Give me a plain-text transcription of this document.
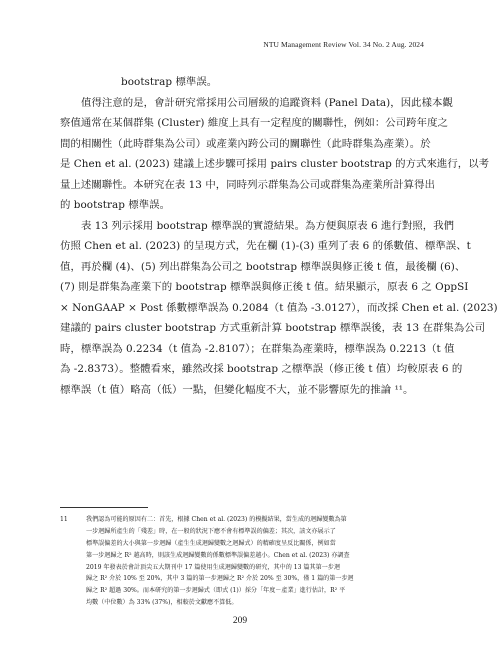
NTU Management Review Vol. 34 No. 2 Aug. 2024
bootstrap 標準誤。
值得注意的是，會計研究常採用公司層級的追蹤資料 (Panel Data)，因此樣本觀
察值通常在某個群集 (Cluster) 維度上具有一定程度的關聯性，例如：公司跨年度之
間的相關性（此時群集為公司）或產業內跨公司的關聯性（此時群集為產業）。於
是 Chen et al. (2023) 建議上述步驟可採用 pairs cluster bootstrap 的方式來進行，以考
量上述關聯性。本研究在表 13 中，同時列示群集為公司或群集為產業所計算得出
的 bootstrap 標準誤。
表 13 列示採用 bootstrap 標準誤的實證結果。為方便與原表 6 進行對照，我們
仿照 Chen et al. (2023) 的呈現方式，先在欄 (1)-(3) 重列了表 6 的係數值、標準誤、t
值，再於欄 (4)、(5) 列出群集為公司之 bootstrap 標準誤與修正後 t 值，最後欄 (6)、
(7) 則是群集為產業下的 bootstrap 標準誤與修正後 t 值。結果顯示，原表 6 之 OppSI
× NonGAAP × Post 係數標準誤為 0.2084（t 值為 -3.0127），而改採 Chen et al. (2023)
建議的 pairs cluster bootstrap 方式重新計算 bootstrap 標準誤後，表 13 在群集為公司
時，標準誤為 0.2234（t 值為 -2.8107）；在群集為產業時，標準誤為 0.2213（t 值
為 -2.8373）。整體看來，雖然改採 bootstrap 之標準誤（修正後 t 值）均較原表 6 的
標準誤（t 值）略高（低）一點，但變化幅度不大，並不影響原先的推論 ¹¹。
11	我們認為可能的原因有二：首先，根據 Chen et al. (2023) 的模擬結果，當生成的迴歸變數為第
一步迴歸所產生的「殘差」時，在一般的狀況下應不會有標準誤的偏差；其次，該文亦展示了
標準誤偏差的大小與第一步迴歸（產生生成迴歸變數之迴歸式）的精確度呈反比關係，例如當
第一步迴歸之 R² 越高時，則該生成迴歸變數的係數標準誤偏差越小。Chen et al. (2023) 亦調查
2019 年發表於會計頂尖五大期刊中 17 篇使用生成迴歸變數的研究，其中的 13 篇其第一步迴
歸之 R² 介於 10% 至 20%，其中 3 篇的第一步迴歸之 R² 介於 20% 至 30%，僅 1 篇的第一步迴
歸之 R² 超過 30%。而本研究的第一步迴歸式（即式 (1)）採分「年度－產業」進行估計，R² 平
均數（中位數）為 33% (37%)，相較於文獻應不算低。
209
